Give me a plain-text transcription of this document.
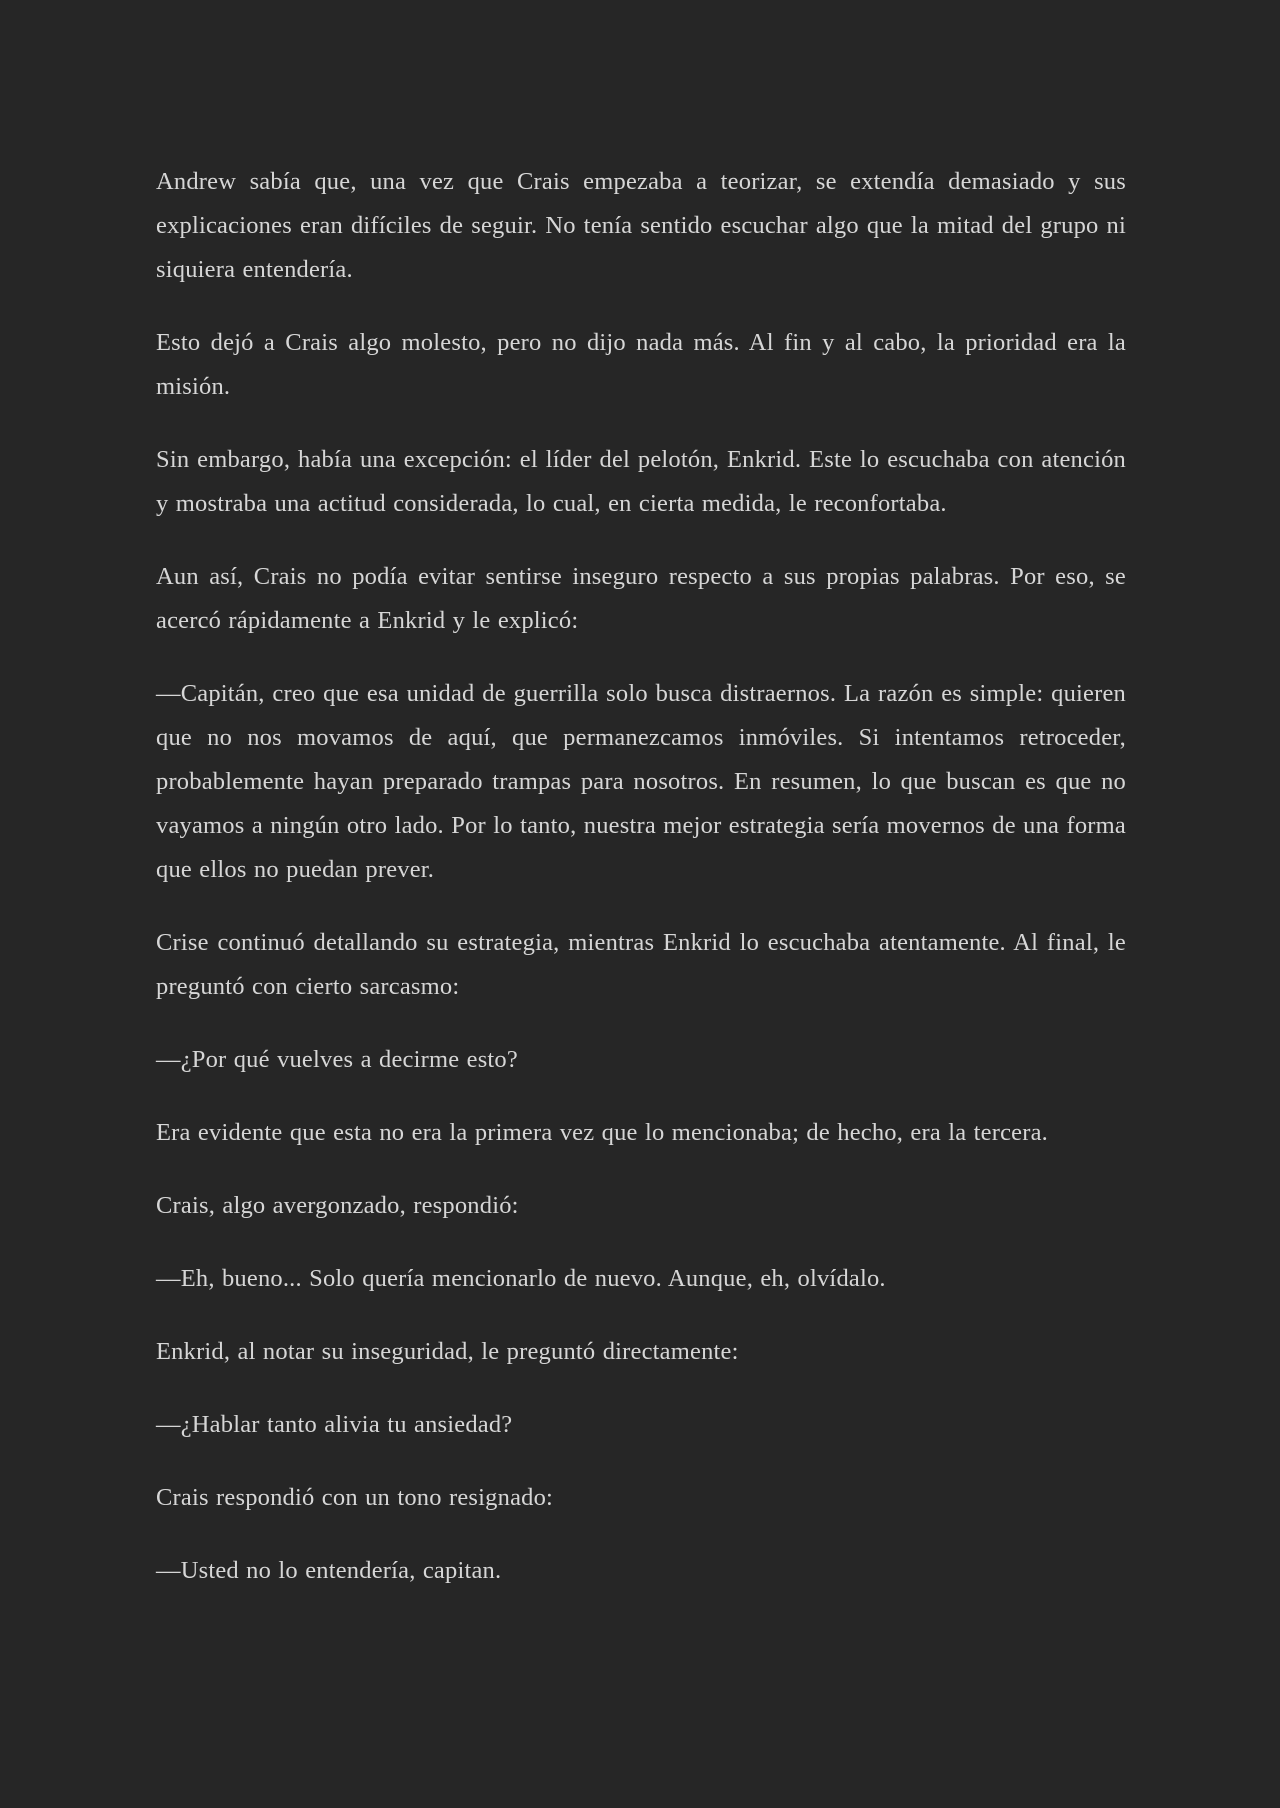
Andrew sabía que, una vez que Crais empezaba a teorizar, se extendía demasiado y sus explicaciones eran difíciles de seguir. No tenía sentido escuchar algo que la mitad del grupo ni siquiera entendería.

Esto dejó a Crais algo molesto, pero no dijo nada más. Al fin y al cabo, la prioridad era la misión.

Sin embargo, había una excepción: el líder del pelotón, Enkrid. Este lo escuchaba con atención y mostraba una actitud considerada, lo cual, en cierta medida, le reconfortaba.

Aun así, Crais no podía evitar sentirse inseguro respecto a sus propias palabras. Por eso, se acercó rápidamente a Enkrid y le explicó:

—Capitán, creo que esa unidad de guerrilla solo busca distraernos. La razón es simple: quieren que no nos movamos de aquí, que permanezcamos inmóviles. Si intentamos retroceder, probablemente hayan preparado trampas para nosotros. En resumen, lo que buscan es que no vayamos a ningún otro lado. Por lo tanto, nuestra mejor estrategia sería movernos de una forma que ellos no puedan prever.

Crise continuó detallando su estrategia, mientras Enkrid lo escuchaba atentamente. Al final, le preguntó con cierto sarcasmo:

—¿Por qué vuelves a decirme esto?

Era evidente que esta no era la primera vez que lo mencionaba; de hecho, era la tercera.

Crais, algo avergonzado, respondió:

—Eh, bueno... Solo quería mencionarlo de nuevo. Aunque, eh, olvídalo.

Enkrid, al notar su inseguridad, le preguntó directamente:

—¿Hablar tanto alivia tu ansiedad?

Crais respondió con un tono resignado:

—Usted no lo entendería, capitan.
